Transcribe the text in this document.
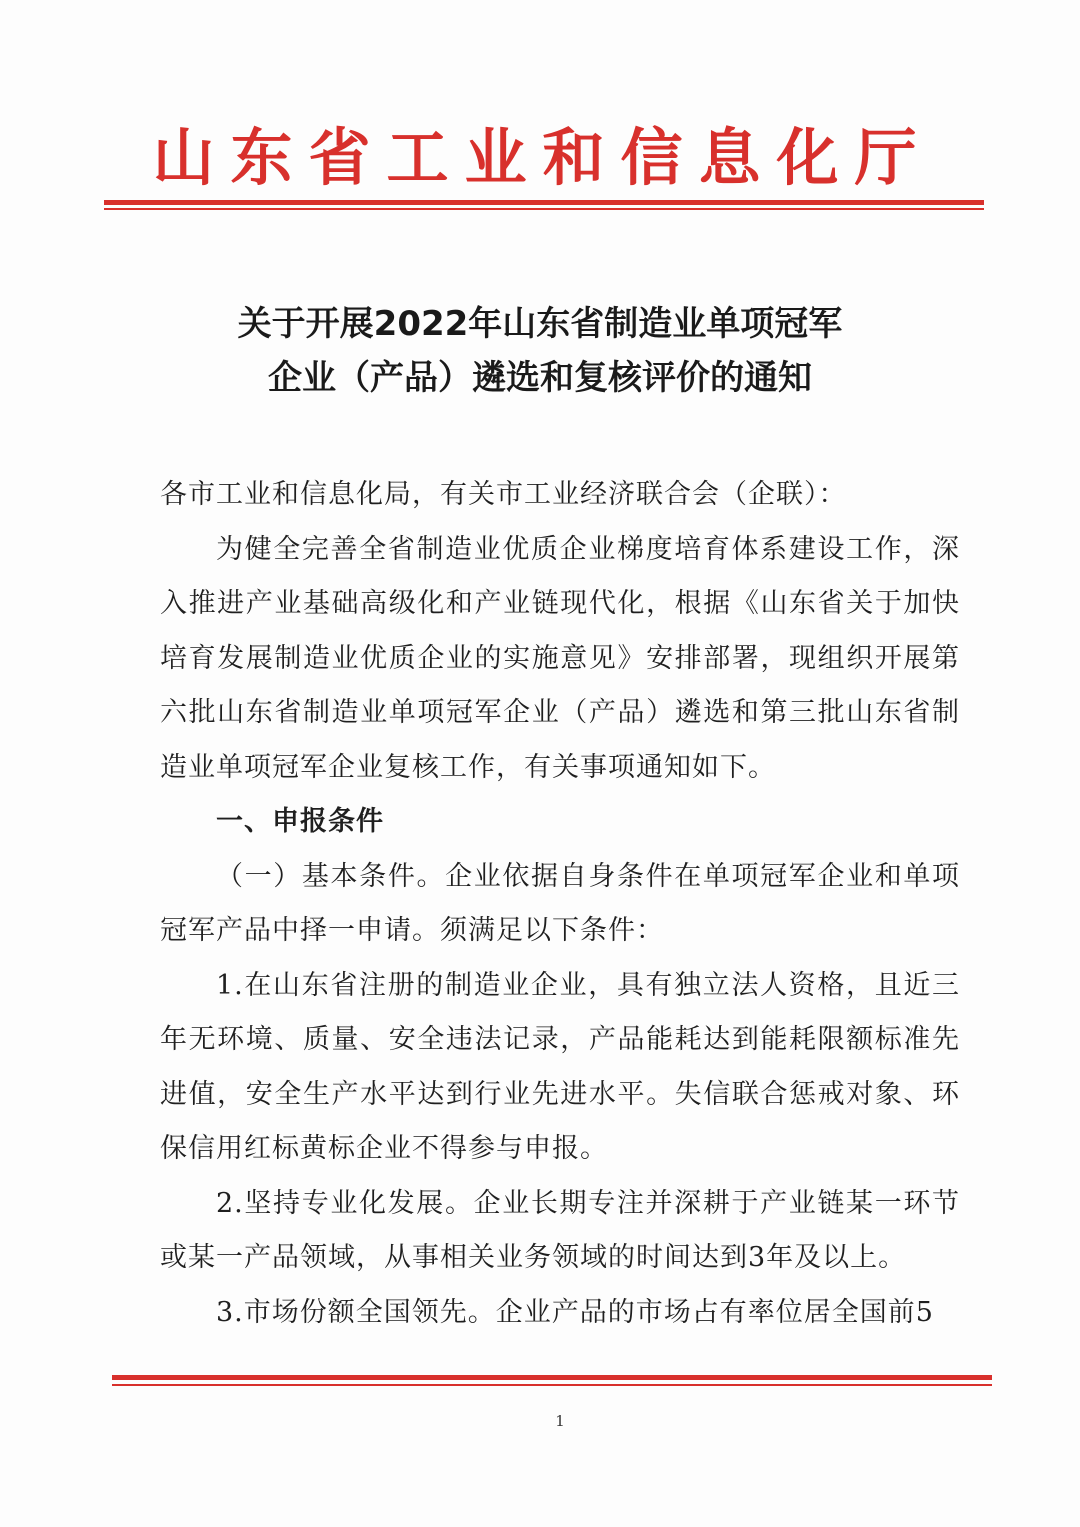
山东省工业和信息化厅
关于开展2022年山东省制造业单项冠军
企业（产品）遴选和复核评价的通知

各市工业和信息化局，有关市工业经济联合会（企联）：

为健全完善全省制造业优质企业梯度培育体系建设工作，深入推进产业基础高级化和产业链现代化，根据《山东省关于加快培育发展制造业优质企业的实施意见》安排部署，现组织开展第六批山东省制造业单项冠军企业（产品）遴选和第三批山东省制造业单项冠军企业复核工作，有关事项通知如下。

一、申报条件

（一）基本条件。企业依据自身条件在单项冠军企业和单项冠军产品中择一申请。须满足以下条件：

1.在山东省注册的制造业企业，具有独立法人资格，且近三年无环境、质量、安全违法记录，产品能耗达到能耗限额标准先进值，安全生产水平达到行业先进水平。失信联合惩戒对象、环保信用红标黄标企业不得参与申报。

2.坚持专业化发展。企业长期专注并深耕于产业链某一环节或某一产品领域，从事相关业务领域的时间达到3年及以上。

3.市场份额全国领先。企业产品的市场占有率位居全国前5

1
